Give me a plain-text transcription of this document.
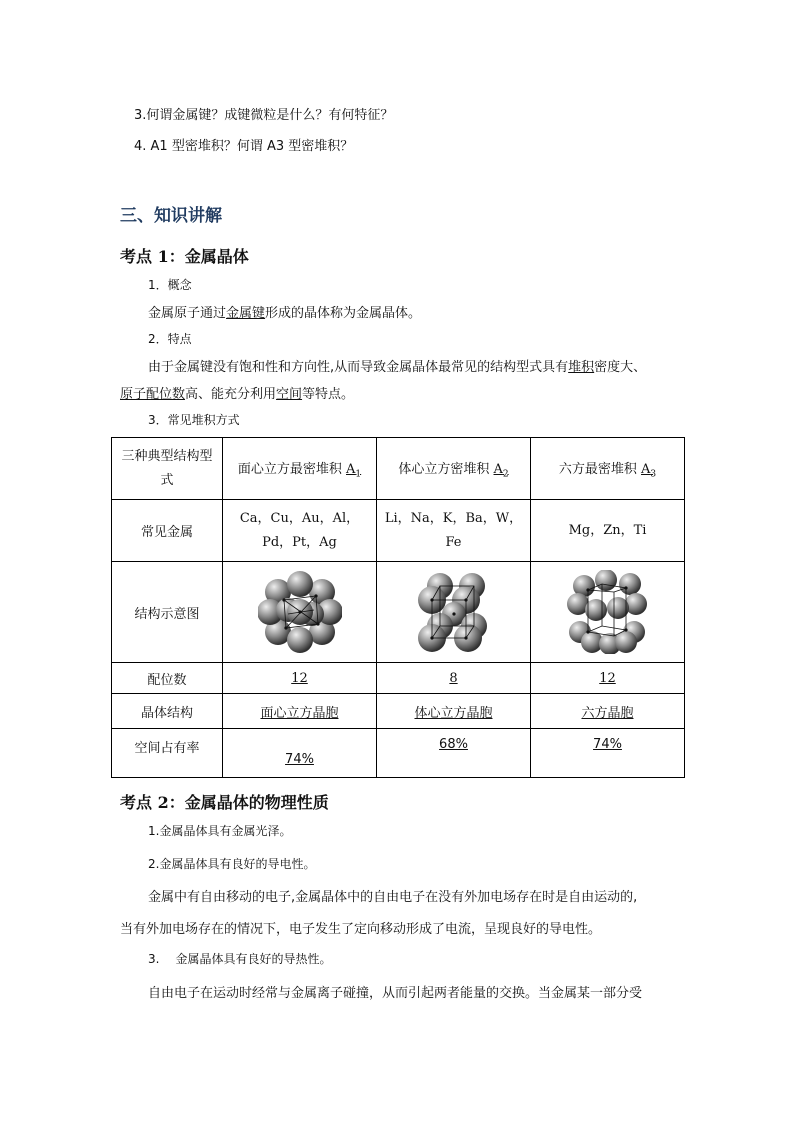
3.何谓金属键？成键微粒是什么？有何特征？
4. A1 型密堆积？何谓 A3 型密堆积？
三、知识讲解
考点 1：金属晶体
1．概念
金属原子通过金属键形成的晶体称为金属晶体。
2．特点
由于金属键没有饱和性和方向性,从而导致金属晶体最常见的结构型式具有堆积密度大、
原子配位数高、能充分利用空间等特点。
3．常见堆积方式
三种典型结构型式	面心立方最密堆积 $A_1$	体心立方密堆积 $A_2$	六方最密堆积 $A_3$
常见金属	Ca，Cu，Au，Al，Pd，Pt，Ag	Li，Na，K，Ba，W，Fe	Mg，Zn，Ti
结构示意图	

配位数	12	8	12
晶体结构	面心立方晶胞	体心立方晶胞	六方晶胞
空间占有率	74%	68%	74%
考点 2：金属晶体的物理性质
1.金属晶体具有金属光泽。
2.金属晶体具有良好的导电性。
金属中有自由移动的电子,金属晶体中的自由电子在没有外加电场存在时是自由运动的,
当有外加电场存在的情况下，电子发生了定向移动形成了电流，呈现良好的导电性。
3. 金属晶体具有良好的导热性。
自由电子在运动时经常与金属离子碰撞，从而引起两者能量的交换。当金属某一部分受
